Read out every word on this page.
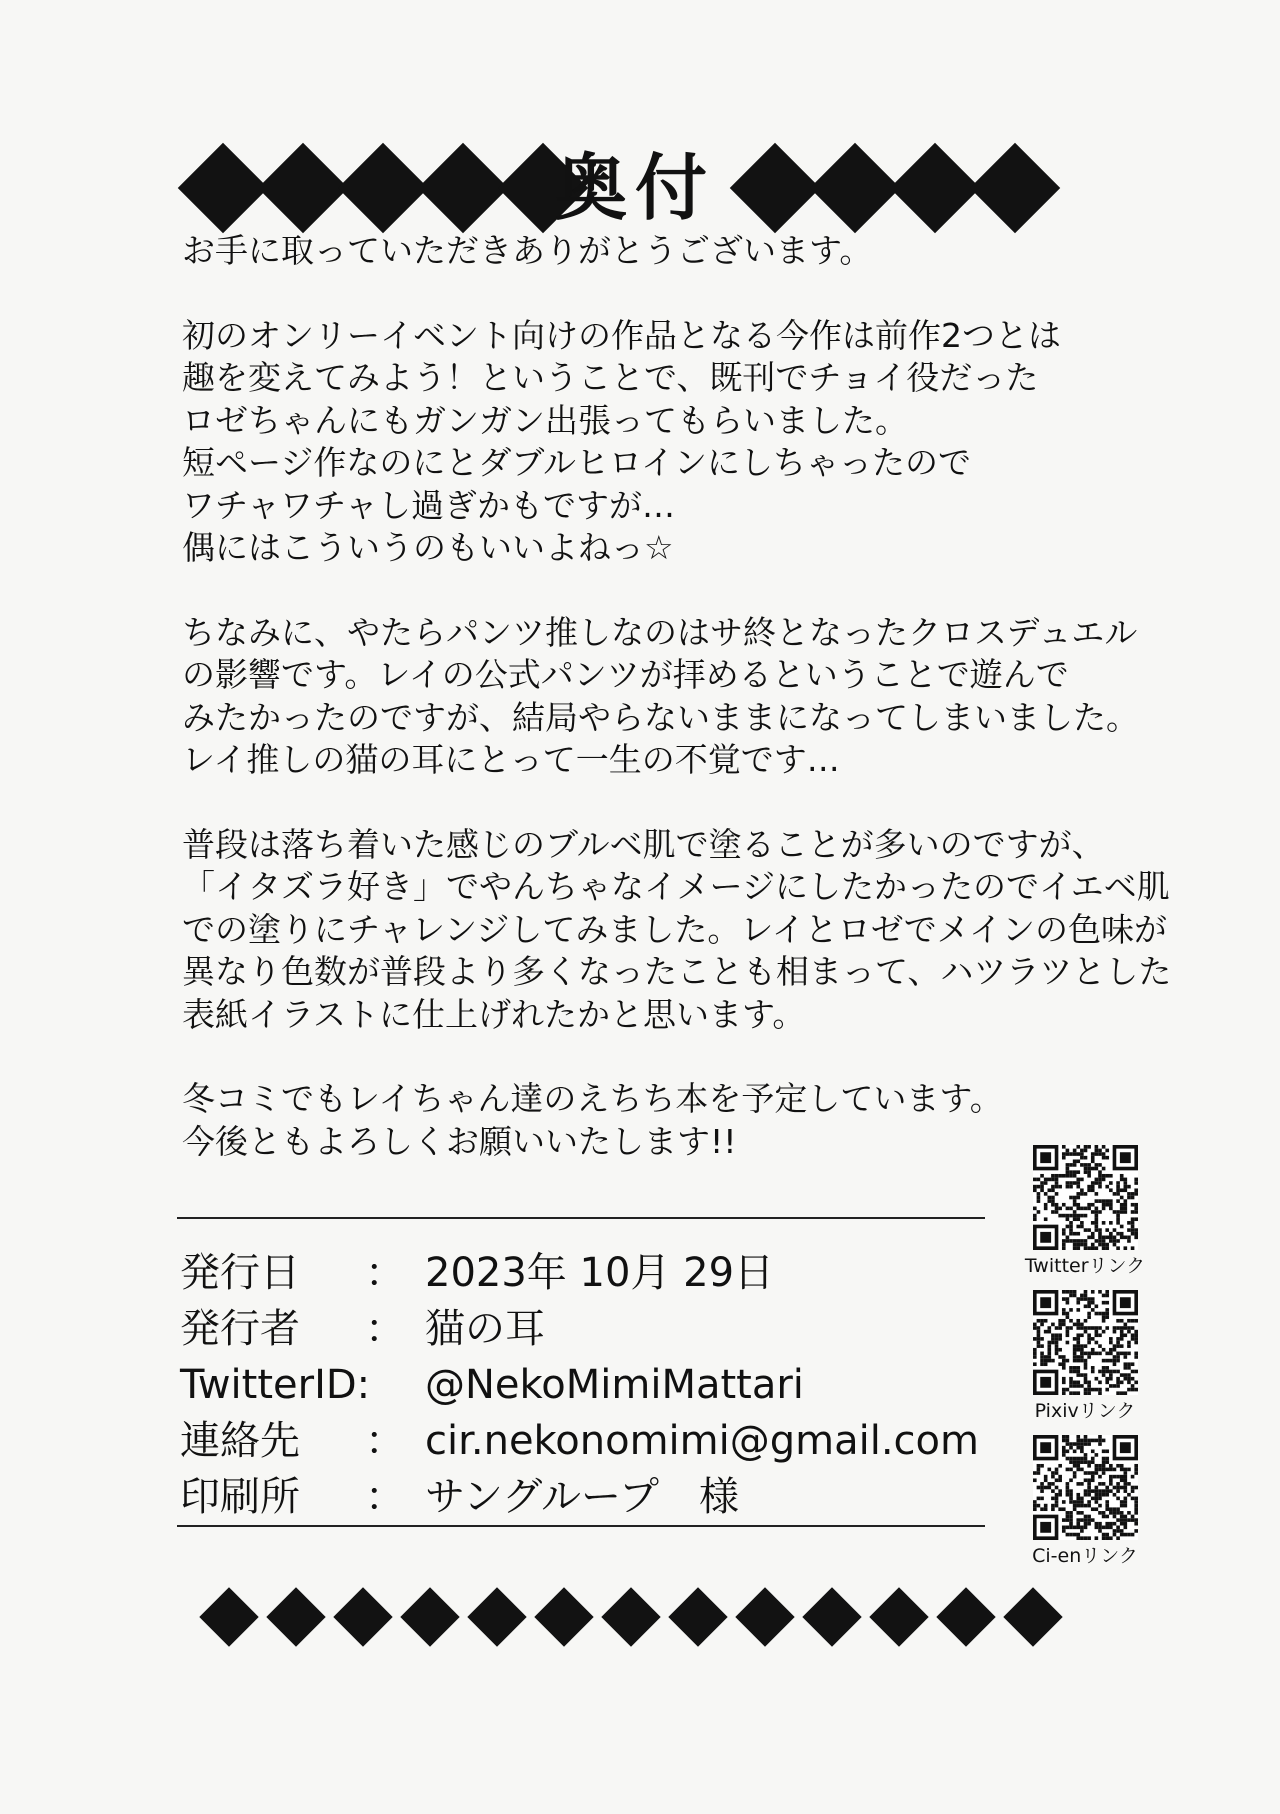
奥付
お手に取っていただきありがとうございます。
初のオンリーイベント向けの作品となる今作は前作2つとは
趣を変えてみよう！ということで、既刊でチョイ役だった
ロゼちゃんにもガンガン出張ってもらいました。
短ページ作なのにとダブルヒロインにしちゃったので
ワチャワチャし過ぎかもですが…
偶にはこういうのもいいよねっ☆
ちなみに、やたらパンツ推しなのはサ終となったクロスデュエル
の影響です。レイの公式パンツが拝めるということで遊んで
みたかったのですが、結局やらないままになってしまいました。
レイ推しの猫の耳にとって一生の不覚です…
普段は落ち着いた感じのブルベ肌で塗ることが多いのですが、
「イタズラ好き」でやんちゃなイメージにしたかったのでイエベ肌
での塗りにチャレンジしてみました。レイとロゼでメインの色味が
異なり色数が普段より多くなったことも相まって、ハツラツとした
表紙イラストに仕上げれたかと思います。
冬コミでもレイちゃん達のえちち本を予定しています。
今後ともよろしくお願いいたします!!
発行日 ： 2023年 10月 29日
発行者 ： 猫の耳
TwitterID: @NekoMimiMattari
連絡先 ： cir.nekonomimi@gmail.com
印刷所 ： サングループ　様
Twitterリンク
Pixivリンク
Ci-enリンク
